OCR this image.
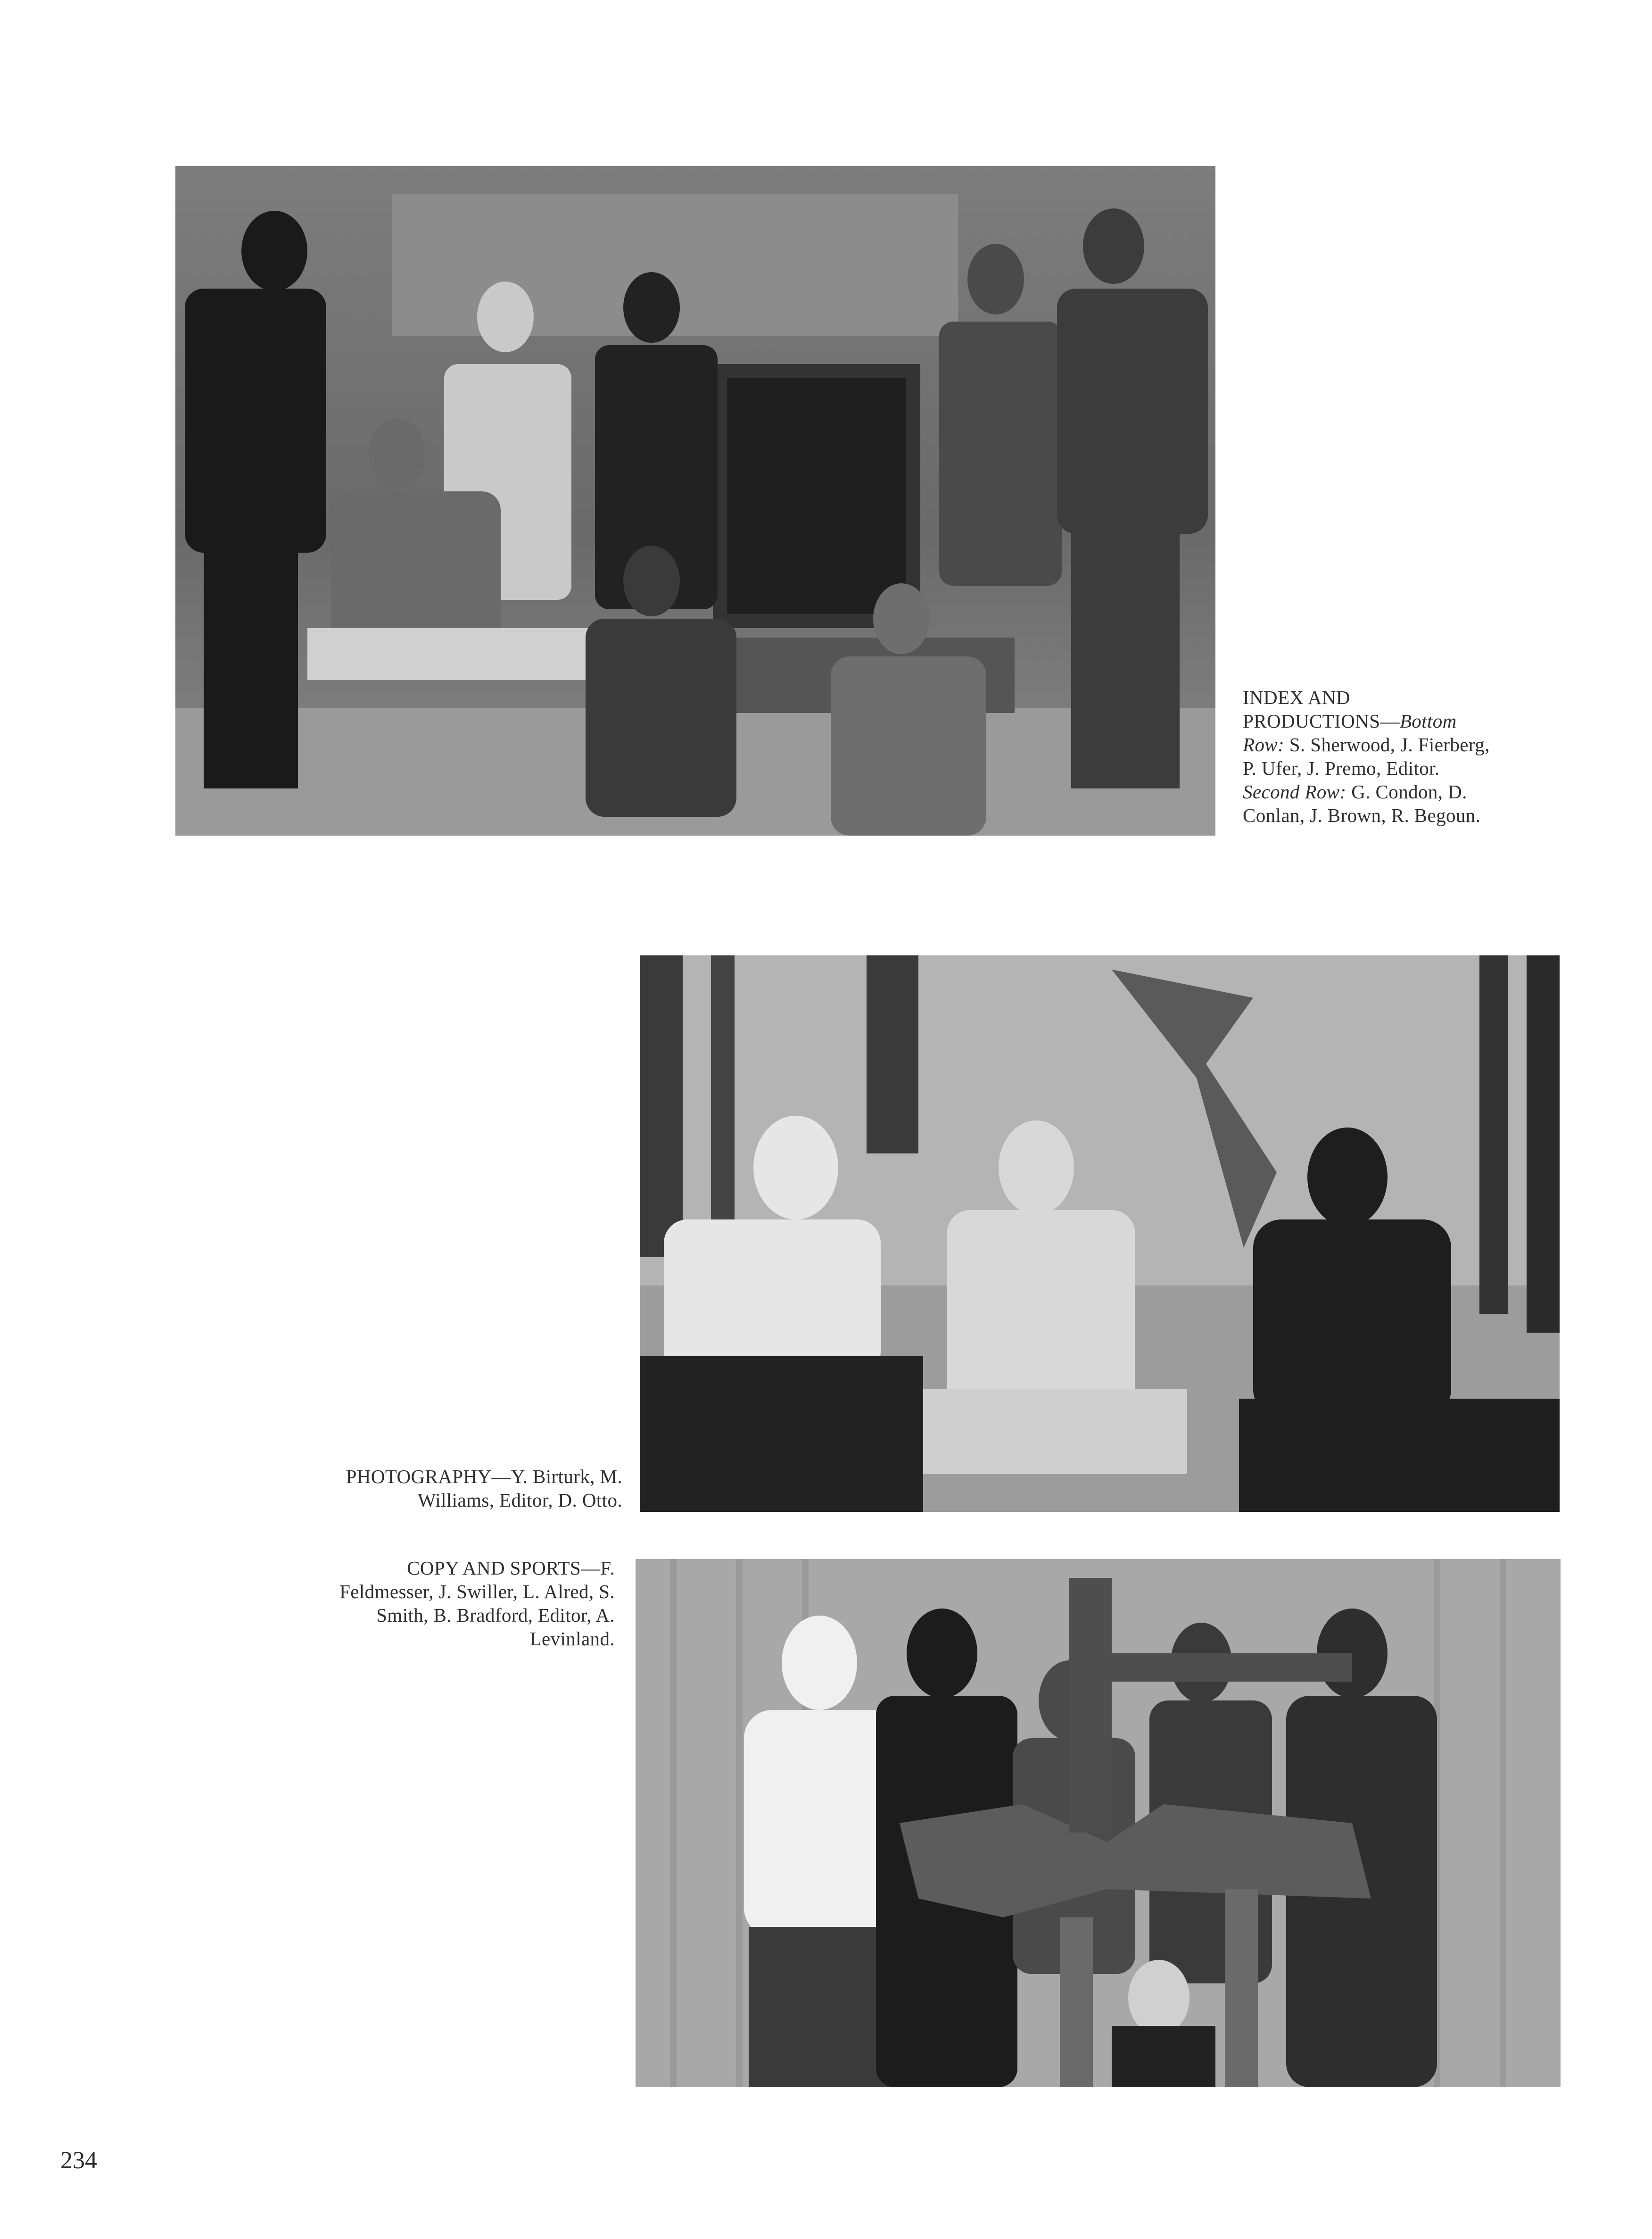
INDEX AND
PRODUCTIONS—Bottom
Row: S. Sherwood, J. Fierberg,
P. Ufer, J. Premo, Editor.
Second Row: G. Condon, D.
Conlan, J. Brown, R. Begoun.
PHOTOGRAPHY—Y. Birturk, M.
Williams, Editor, D. Otto.
COPY AND SPORTS—F.
Feldmesser, J. Swiller, L. Alred, S.
Smith, B. Bradford, Editor, A.
Levinland.
234
